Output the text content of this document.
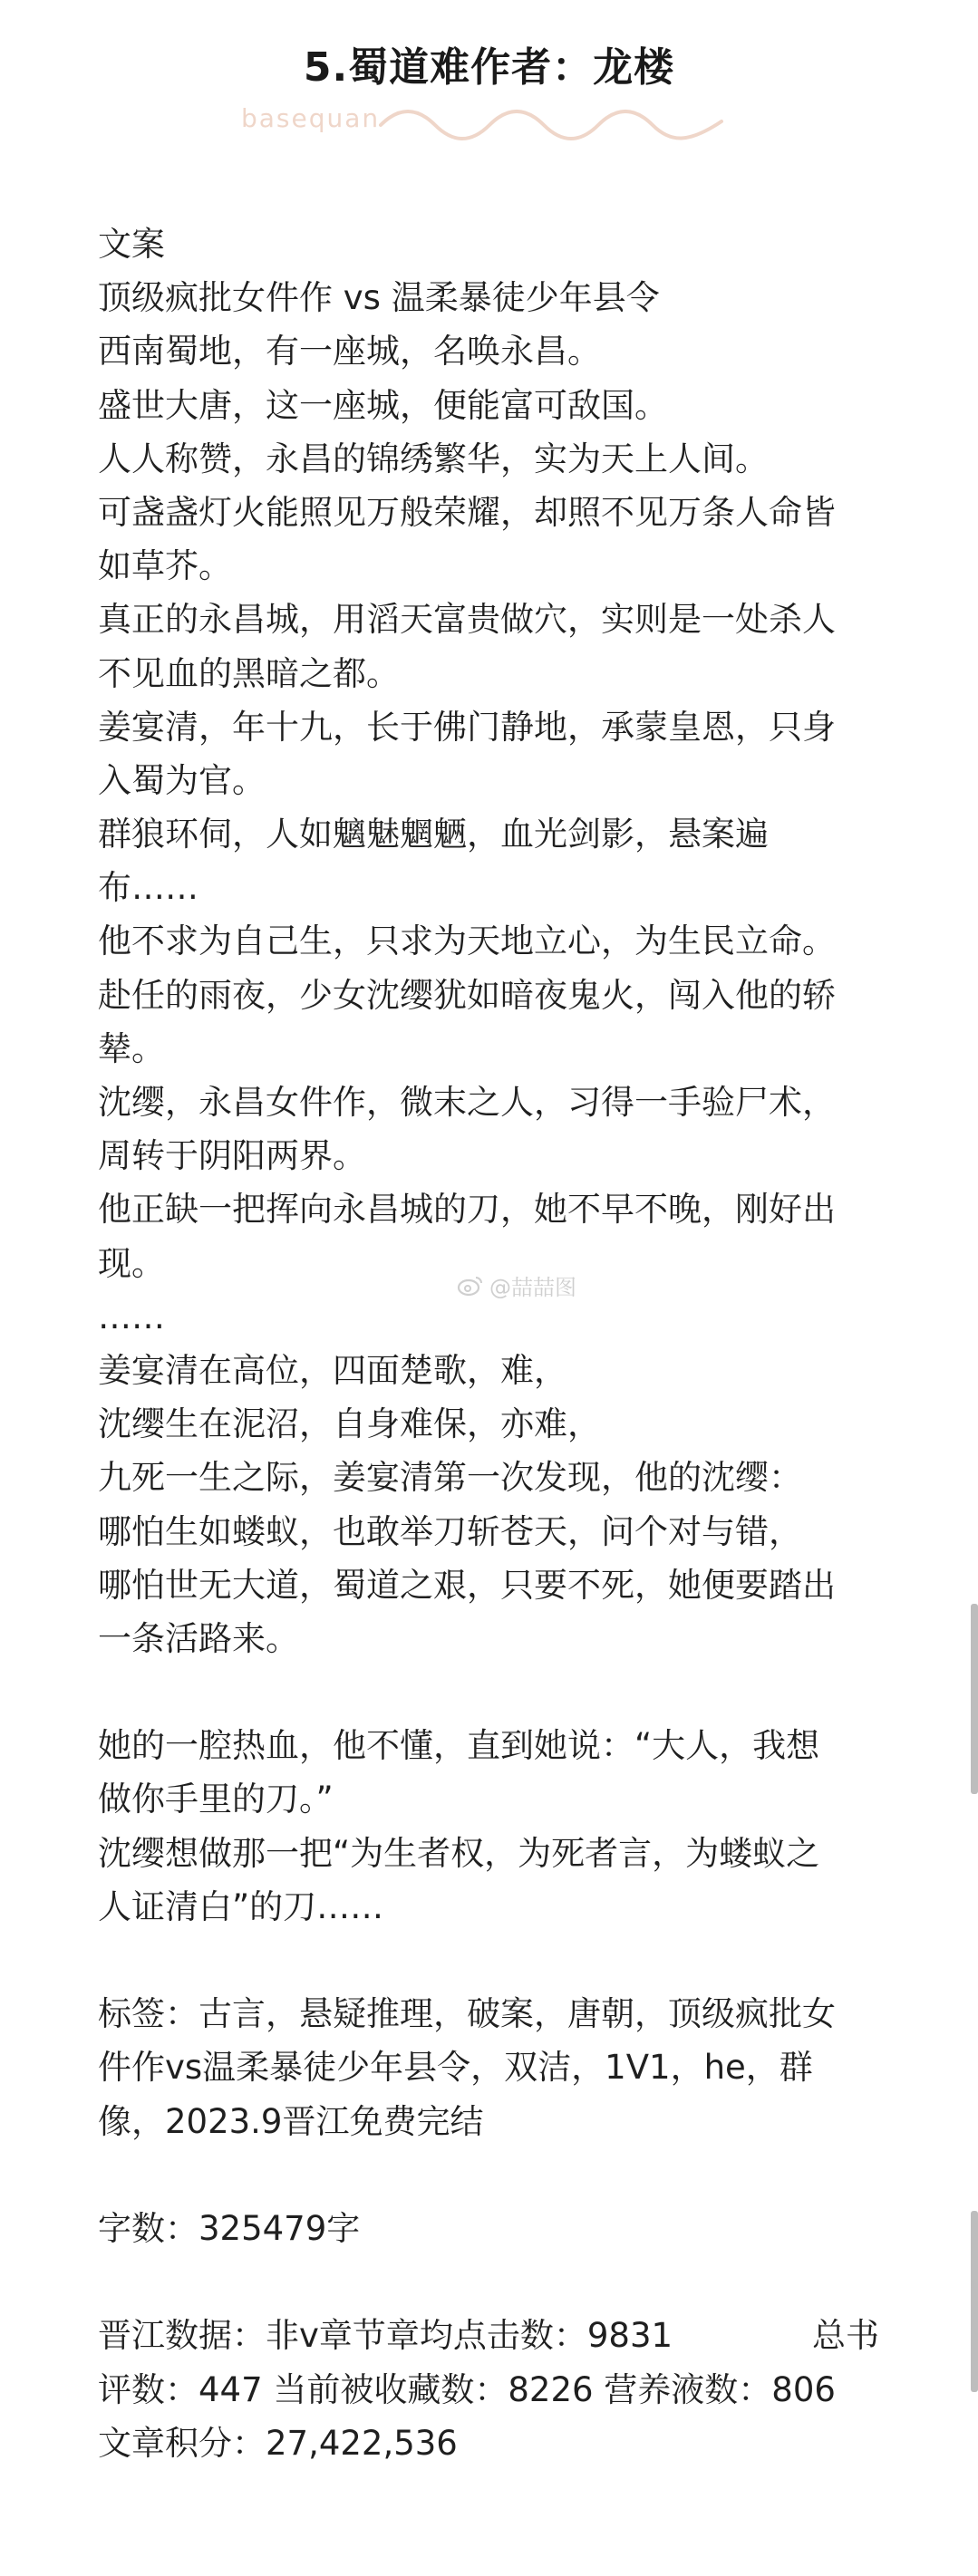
5.蜀道难作者：龙楼
basequan
文案
顶级疯批女件作 vs 温柔暴徒少年县令
西南蜀地，有一座城，名唤永昌。
盛世大唐，这一座城，便能富可敌国。
人人称赞，永昌的锦绣繁华，实为天上人间。
可盏盏灯火能照见万般荣耀，却照不见万条人命皆
如草芥。
真正的永昌城，用滔天富贵做穴，实则是一处杀人
不见血的黑暗之都。
姜宴清，年十九，长于佛门静地，承蒙皇恩，只身
入蜀为官。
群狼环伺，人如魑魅魍魉，血光剑影，悬案遍
布……
他不求为自己生，只求为天地立心，为生民立命。
赴任的雨夜，少女沈缨犹如暗夜鬼火，闯入他的轿
辇。
沈缨，永昌女件作，微末之人，习得一手验尸术，
周转于阴阳两界。
他正缺一把挥向永昌城的刀，她不早不晚，刚好出
现。
……
姜宴清在高位，四面楚歌，难，
沈缨生在泥沼，自身难保，亦难，
九死一生之际，姜宴清第一次发现，他的沈缨：
哪怕生如蝼蚁，也敢举刀斩苍天，问个对与错，
哪怕世无大道，蜀道之艰，只要不死，她便要踏出
一条活路来。
她的一腔热血，他不懂，直到她说：“大人，我想
做你手里的刀。”
沈缨想做那一把“为生者权，为死者言，为蝼蚁之
人证清白”的刀……
标签：古言，悬疑推理，破案，唐朝，顶级疯批女
件作vs温柔暴徒少年县令，双洁，1V1，he，群
像，2023.9晋江免费完结
字数：325479字
晋江数据：非v章节章均点击数：9831	总书
评数：447 当前被收藏数：8226 营养液数：806
文章积分：27,422,536
@喆喆图
